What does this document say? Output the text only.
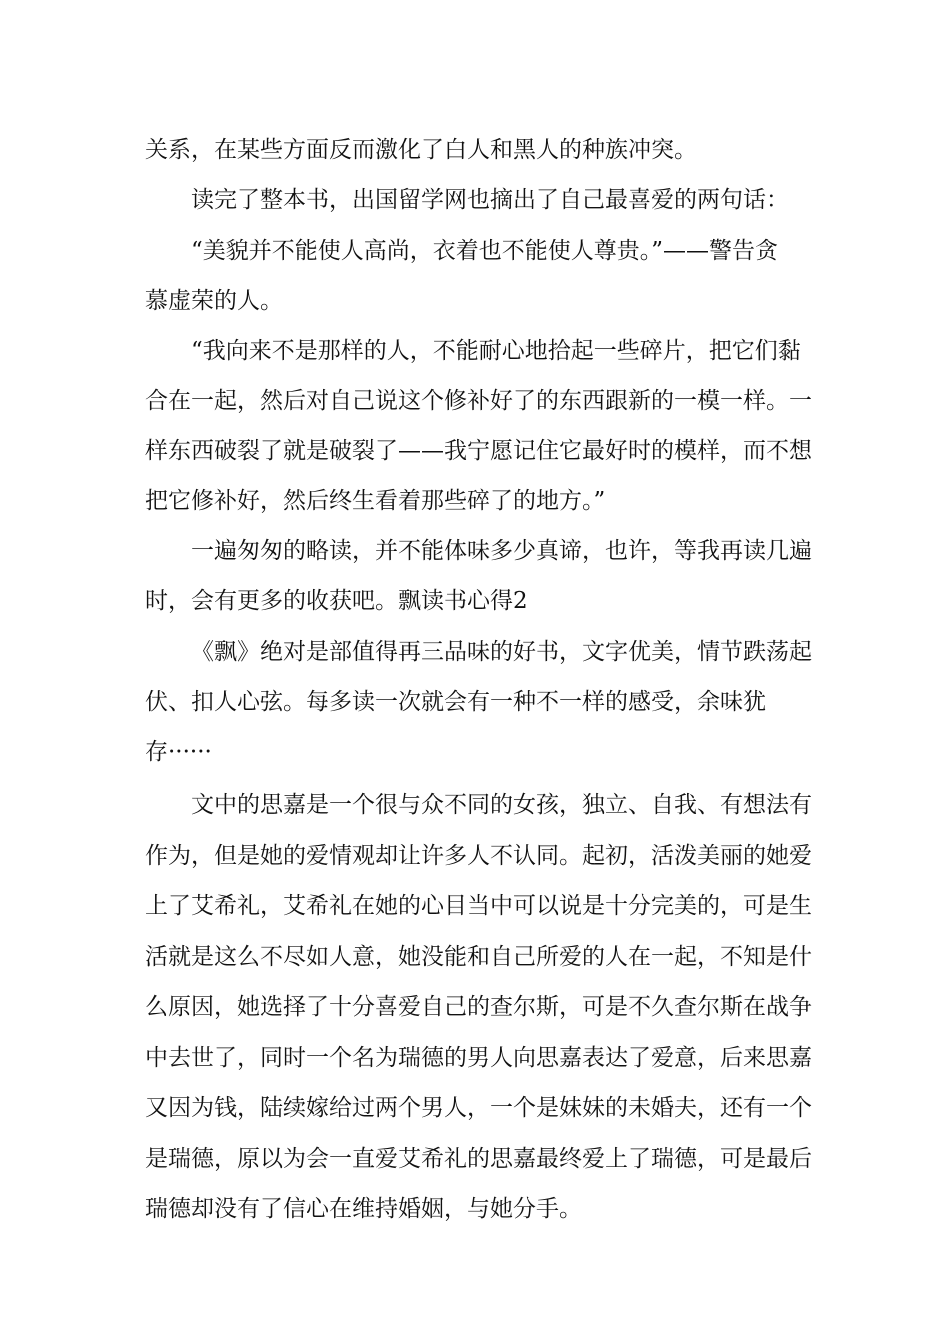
关系，在某些方面反而激化了白人和黑人的种族冲突。
读完了整本书，出国留学网也摘出了自己最喜爱的两句话：
“美貌并不能使人高尚，衣着也不能使人尊贵。”——警告贪
慕虚荣的人。
“我向来不是那样的人，不能耐心地拾起一些碎片，把它们黏
合在一起，然后对自己说这个修补好了的东西跟新的一模一样。一
样东西破裂了就是破裂了——我宁愿记住它最好时的模样，而不想
把它修补好，然后终生看着那些碎了的地方。”
一遍匆匆的略读，并不能体味多少真谛，也许，等我再读几遍
时，会有更多的收获吧。飘读书心得2
《飘》绝对是部值得再三品味的好书，文字优美，情节跌荡起
伏、扣人心弦。每多读一次就会有一种不一样的感受，余味犹
存······
文中的思嘉是一个很与众不同的女孩，独立、自我、有想法有
作为，但是她的爱情观却让许多人不认同。起初，活泼美丽的她爱
上了艾希礼，艾希礼在她的心目当中可以说是十分完美的，可是生
活就是这么不尽如人意，她没能和自己所爱的人在一起，不知是什
么原因，她选择了十分喜爱自己的查尔斯，可是不久查尔斯在战争
中去世了，同时一个名为瑞德的男人向思嘉表达了爱意，后来思嘉
又因为钱，陆续嫁给过两个男人，一个是妹妹的未婚夫，还有一个
是瑞德，原以为会一直爱艾希礼的思嘉最终爱上了瑞德，可是最后
瑞德却没有了信心在维持婚姻，与她分手。
